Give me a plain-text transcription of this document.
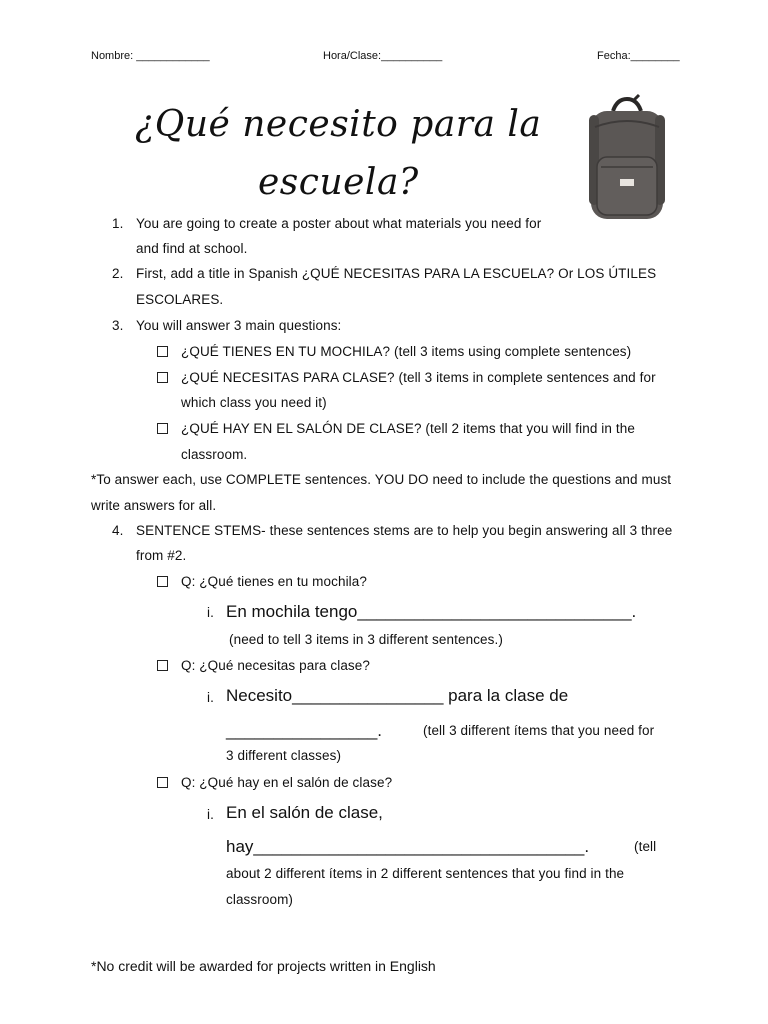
Nombre: ____________	Hora/Clase:__________	Fecha:________
¿Qué necesito para la
escuela?
1. You are going to create a poster about what materials you need for
and find at school.
2. First, add a title in Spanish ¿QUÉ NECESITAS PARA LA ESCUELA? Or LOS ÚTILES
ESCOLARES.
3. You will answer 3 main questions:
¿QUÉ TIENES EN TU MOCHILA? (tell 3 items using complete sentences)
¿QUÉ NECESITAS PARA CLASE? (tell 3 items in complete sentences and for
which class you need it)
¿QUÉ HAY EN EL SALÓN DE CLASE? (tell 2 items that you will find in the
classroom.
*To answer each, use COMPLETE sentences. YOU DO need to include the questions and must
write answers for all.
4. SENTENCE STEMS- these sentences stems are to help you begin answering all 3 three
from #2.
Q: ¿Qué tienes en tu mochila?
i. En mochila tengo_____________________________.
(need to tell 3 items in 3 different sentences.)
Q: ¿Qué necesitas para clase?
i. Necesito________________ para la clase de
________________.	(tell 3 different ítems that you need for
3 different classes)
Q: ¿Qué hay en el salón de clase?
i. En el salón de clase,
hay___________________________________.	(tell
about 2 different ítems in 2 different sentences that you find in the
classroom)
*No credit will be awarded for projects written in English
